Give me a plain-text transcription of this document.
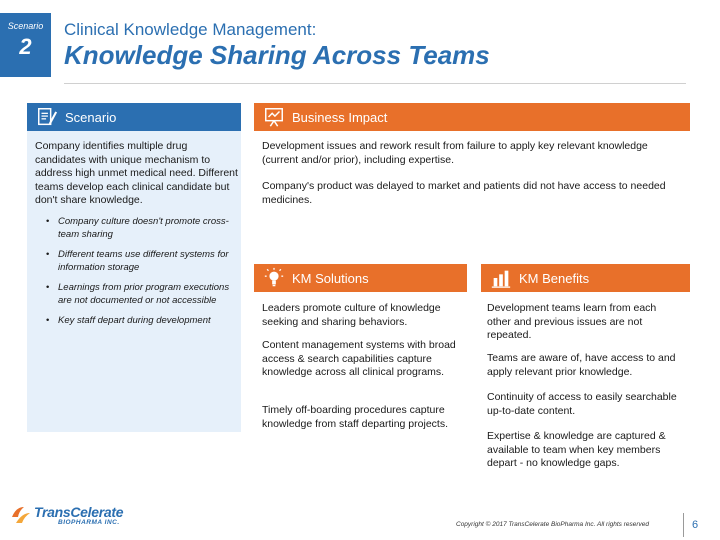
Scenario
2
Clinical Knowledge Management:
Knowledge Sharing Across Teams
Scenario
Company identifies multiple drug candidates with unique mechanism to address high unmet medical need. Different teams develop each clinical candidate but don't share knowledge.
• Company culture doesn't promote cross-team sharing
• Different teams use different systems for information storage
• Learnings from prior program executions are not documented or not accessible
• Key staff depart during development
Business Impact
Development issues and rework result from failure to apply key relevant knowledge (current and/or prior), including expertise.
Company's product was delayed to market and patients did not have access to needed medicines.
KM Solutions
Leaders promote culture of knowledge seeking and sharing behaviors.
Content management systems with broad access & search capabilities capture knowledge across all clinical programs.
Timely off-boarding procedures capture knowledge from staff departing projects.
KM Benefits
Development teams learn from each other and previous issues are not repeated.
Teams are aware of, have access to and apply relevant prior knowledge.
Continuity of access to easily searchable up-to-date content.
Expertise & knowledge are captured & available to team when key members depart - no knowledge gaps.
TransCelerate
BIOPHARMA INC.	Copyright © 2017 TransCelerate BioPharma Inc. All rights reserved	6
